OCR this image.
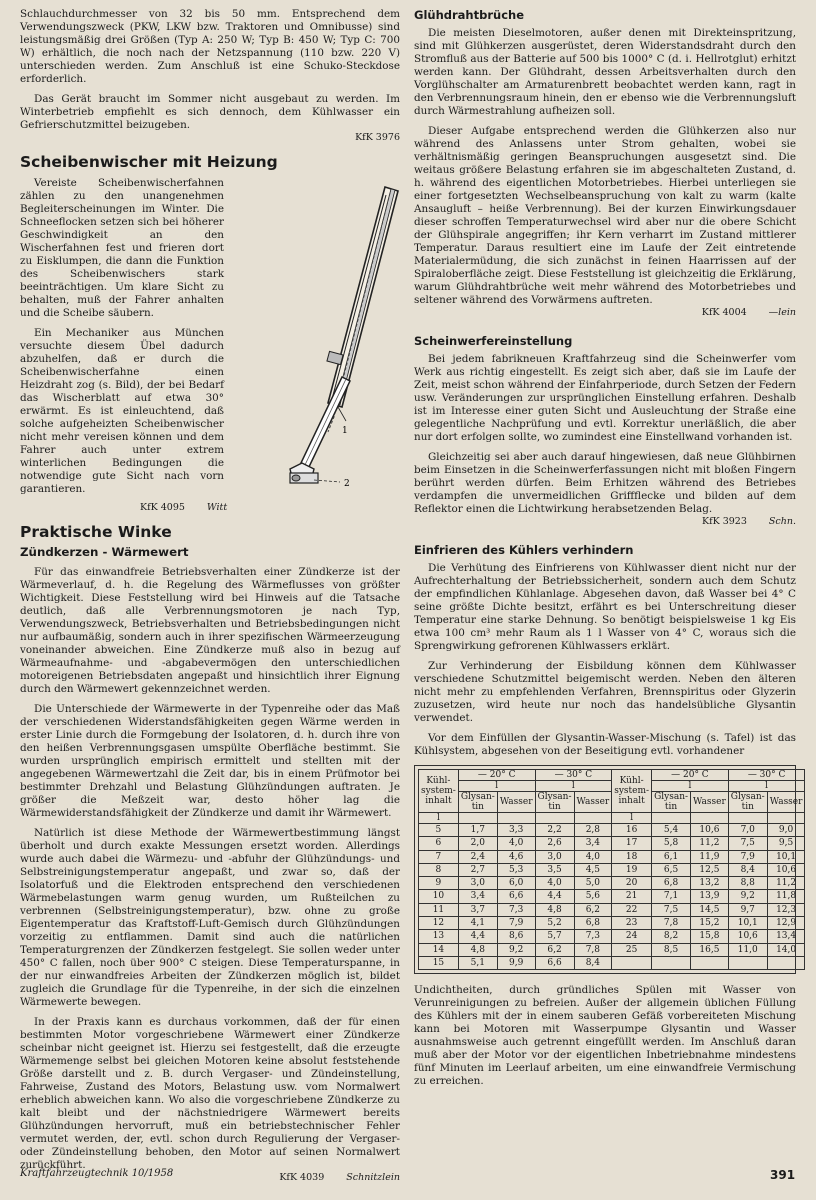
Schlauchdurchmesser von 32 bis 50 mm. Entsprechend dem Verwendungszweck (PKW, LKW bzw. Traktoren und Omnibusse) sind leistungsmäßig drei Größen (Typ A: 250 W; Typ B: 450 W; Typ C: 700 W) erhältlich, die noch nach der Netzspannung (110 bzw. 220 V) unterschieden werden. Zum Anschluß ist eine Schuko-Steckdose erforderlich.

Das Gerät braucht im Sommer nicht ausgebaut zu werden. Im Winterbetrieb empfiehlt es sich dennoch, dem Kühlwasser ein Gefrierschutzmittel beizugeben.

KfK 3976
Scheibenwischer mit Heizung

Vereiste Scheibenwischerfahnen zählen zu den unangenehmen Begleiterscheinungen im Winter. Die Schneeflocken setzen sich bei höherer Geschwindigkeit an den Wischerfahnen fest und frieren dort zu Eisklumpen, die dann die Funktion des Scheibenwischers stark beeinträchtigen. Um klare Sicht zu behalten, muß der Fahrer anhalten und die Scheibe säubern.

Ein Mechaniker aus München versuchte diesem Übel dadurch abzuhelfen, daß er durch die Scheibenwischerfahne einen Heizdraht zog (s. Bild), der bei Bedarf das Wischerblatt auf etwa 30° erwärmt. Es ist einleuchtend, daß solche aufgeheizten Scheibenwischer nicht mehr vereisen können und dem Fahrer auch unter extrem winterlichen Bedingungen die notwendige gute Sicht nach vorn garantieren.

1
2
KfK 4095 Witt
Praktische Winke
Zündkerzen - Wärmewert

Für das einwandfreie Betriebsverhalten einer Zündkerze ist der Wärmeverlauf, d. h. die Regelung des Wärmeflusses von größter Wichtigkeit. Diese Feststellung wird bei Hinweis auf die Tatsache deutlich, daß alle Verbrennungsmotoren je nach Typ, Verwendungszweck, Betriebsverhalten und Betriebsbedingungen nicht nur aufbaumäßig, sondern auch in ihrer spezifischen Wärmeerzeugung voneinander abweichen. Eine Zündkerze muß also in bezug auf Wärmeaufnahme- und -abgabevermögen den unterschiedlichen motoreigenen Betriebsdaten angepaßt und hinsichtlich ihrer Eignung durch den Wärmewert gekennzeichnet werden.

Die Unterschiede der Wärmewerte in der Typenreihe oder das Maß der verschiedenen Widerstandsfähigkeiten gegen Wärme werden in erster Linie durch die Formgebung der Isolatoren, d. h. durch ihre von den heißen Verbrennungsgasen umspülte Oberfläche bestimmt. Sie wurden ursprünglich empirisch ermittelt und stellten mit der angegebenen Wärmewertzahl die Zeit dar, bis in einem Prüfmotor bei bestimmter Drehzahl und Belastung Glühzündungen auftraten. Je größer die Meßzeit war, desto höher lag die Wärmewiderstandsfähigkeit der Zündkerze und damit ihr Wärmewert.

Natürlich ist diese Methode der Wärmewertbestimmung längst überholt und durch exakte Messungen ersetzt worden. Allerdings wurde auch dabei die Wärmezu- und -abfuhr der Glühzündungs- und Selbstreinigungstemperatur angepaßt, und zwar so, daß der Isolatorfuß und die Elektroden entsprechend den verschiedenen Wärmebelastungen warm genug wurden, um Rußteilchen zu verbrennen (Selbstreinigungstemperatur), bzw. ohne zu große Eigentemperatur das Kraftstoff-Luft-Gemisch durch Glühzündungen vorzeitig zu entflammen. Damit sind auch die natürlichen Temperaturgrenzen der Zündkerzen festgelegt. Sie sollen weder unter 450° C fallen, noch über 900° C steigen. Diese Temperaturspanne, in der nur einwandfreies Arbeiten der Zündkerzen möglich ist, bildet zugleich die Grundlage für die Typenreihe, in der sich die einzelnen Wärmewerte bewegen.

In der Praxis kann es durchaus vorkommen, daß der für einen bestimmten Motor vorgeschriebene Wärmewert einer Zündkerze scheinbar nicht geeignet ist. Hierzu sei festgestellt, daß die erzeugte Wärmemenge selbst bei gleichen Motoren keine absolut feststehende Größe darstellt und z. B. durch Vergaser- und Zündeinstellung, Fahrweise, Zustand des Motors, Belastung usw. vom Normalwert erheblich abweichen kann. Wo also die vorgeschriebene Zündkerze zu kalt bleibt und der nächstniedrigere Wärmewert bereits Glühzündungen hervorruft, muß ein betriebstechnischer Fehler vermutet werden, der, evtl. schon durch Regulierung der Vergaser- oder Zündeinstellung behoben, den Motor auf seinen Normalwert zurückführt.

KfK 4039 Schnitzlein
Glühdrahtbrüche

Die meisten Dieselmotoren, außer denen mit Direkteinspritzung, sind mit Glühkerzen ausgerüstet, deren Widerstandsdraht durch den Stromfluß aus der Batterie auf 500 bis 1000° C (d. i. Hellrotglut) erhitzt werden kann. Der Glühdraht, dessen Arbeitsverhalten durch den Vorglühschalter am Armaturenbrett beobachtet werden kann, ragt in den Verbrennungsraum hinein, den er ebenso wie die Verbrennungsluft durch Wärmestrahlung aufheizen soll.

Dieser Aufgabe entsprechend werden die Glühkerzen also nur während des Anlassens unter Strom gehalten, wobei sie verhältnismäßig geringen Beanspruchungen ausgesetzt sind. Die weitaus größere Belastung erfahren sie im abgeschalteten Zustand, d. h. während des eigentlichen Motorbetriebes. Hierbei unterliegen sie einer fortgesetzten Wechselbeanspruchung von kalt zu warm (kalte Ansaugluft – heiße Verbrennung). Bei der kurzen Einwirkungsdauer dieser schroffen Temperaturwechsel wird aber nur die obere Schicht der Glühspirale angegriffen; ihr Kern verharrt im Zustand mittlerer Temperatur. Daraus resultiert eine im Laufe der Zeit eintretende Materialermüdung, die sich zunächst in feinen Haarrissen auf der Spiraloberfläche zeigt. Diese Feststellung ist gleichzeitig die Erklärung, warum Glühdrahtbrüche weit mehr während des Motorbetriebes und seltener während des Vorwärmens auftreten.

KfK 4004 —lein
Scheinwerfereinstellung

Bei jedem fabrikneuen Kraftfahrzeug sind die Scheinwerfer vom Werk aus richtig eingestellt. Es zeigt sich aber, daß sie im Laufe der Zeit, meist schon während der Einfahrperiode, durch Setzen der Federn usw. Veränderungen zur ursprünglichen Einstellung erfahren. Deshalb ist im Interesse einer guten Sicht und Ausleuchtung der Straße eine gelegentliche Nachprüfung und evtl. Korrektur unerläßlich, die aber nur dort erfolgen sollte, wo zumindest eine Einstellwand vorhanden ist.

Gleichzeitig sei aber auch darauf hingewiesen, daß neue Glühbirnen beim Einsetzen in die Scheinwerferfassungen nicht mit bloßen Fingern berührt werden dürfen. Beim Erhitzen während des Betriebes verdampfen die unvermeidlichen Griffflecke und bilden auf dem Reflektor einen die Lichtwirkung herabsetzenden Belag.

KfK 3923 Schn.
Einfrieren des Kühlers verhindern

Die Verhütung des Einfrierens von Kühlwasser dient nicht nur der Aufrechterhaltung der Betriebssicherheit, sondern auch dem Schutz der empfindlichen Kühlanlage. Abgesehen davon, daß Wasser bei 4° C seine größte Dichte besitzt, erfährt es bei Unterschreitung dieser Temperatur eine starke Dehnung. So benötigt beispielsweise 1 kg Eis etwa 100 cm³ mehr Raum als 1 l Wasser von 4° C, woraus sich die Sprengwirkung gefrorenen Kühlwassers erklärt.

Zur Verhinderung der Eisbildung können dem Kühlwasser verschiedene Schutzmittel beigemischt werden. Neben den älteren nicht mehr zu empfehlenden Verfahren, Brennspiritus oder Glyzerin zuzusetzen, wird heute nur noch das handelsübliche Glysantin verwendet.

Vor dem Einfüllen der Glysantin-Wasser-Mischung (s. Tafel) ist das Kühlsystem, abgesehen von der Beseitigung evtl. vorhandener

Kühl-system-inhalt	— 20° C		— 30° C		Kühl-system-inhalt	— 20° C		— 30° C	
	l		l			l		l	
	Glysan-tin	Wasser	Glysan-tin	Wasser		Glysan-tin	Wasser	Glysan-tin	Wasser
l					l				
5	1,7	3,3	2,2	2,8	16	5,4	10,6	7,0	9,0
6	2,0	4,0	2,6	3,4	17	5,8	11,2	7,5	9,5
7	2,4	4,6	3,0	4,0	18	6,1	11,9	7,9	10,1
8	2,7	5,3	3,5	4,5	19	6,5	12,5	8,4	10,6
9	3,0	6,0	4,0	5,0	20	6,8	13,2	8,8	11,2
10	3,4	6,6	4,4	5,6	21	7,1	13,9	9,2	11,8
11	3,7	7,3	4,8	6,2	22	7,5	14,5	9,7	12,3
12	4,1	7,9	5,2	6,8	23	7,8	15,2	10,1	12,9
13	4,4	8,6	5,7	7,3	24	8,2	15,8	10,6	13,4
14	4,8	9,2	6,2	7,8	25	8,5	16,5	11,0	14,0
15	5,1	9,9	6,6	8,4					

Undichtheiten, durch gründliches Spülen mit Wasser von Verunreinigungen zu befreien. Außer der allgemein üblichen Füllung des Kühlers mit der in einem sauberen Gefäß vorbereiteten Mischung kann bei Motoren mit Wasserpumpe Glysantin und Wasser ausnahmsweise auch getrennt eingefüllt werden. Im Anschluß daran muß aber der Motor vor der eigentlichen Inbetriebnahme mindestens fünf Minuten im Leerlauf arbeiten, um eine einwandfreie Vermischung zu erreichen.

Kraftfahrzeugtechnik 10/1958	391
